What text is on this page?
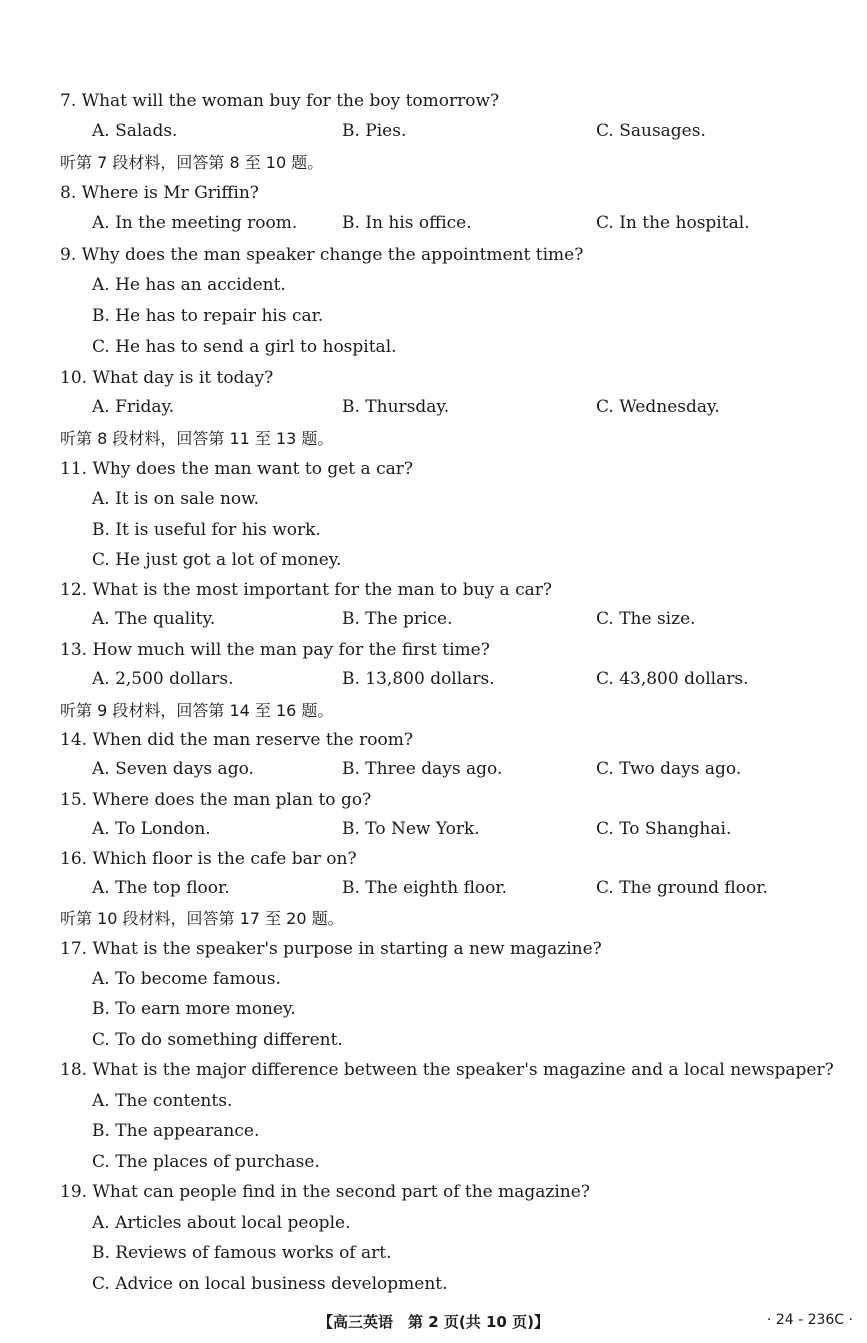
7. What will the woman buy for the boy tomorrow?
A. Salads.	B. Pies.	C. Sausages.
听第 7 段材料，回答第 8 至 10 题。
8. Where is Mr Griffin?
A. In the meeting room.	B. In his office.	C. In the hospital.
9. Why does the man speaker change the appointment time?
A. He has an accident.
B. He has to repair his car.
C. He has to send a girl to hospital.
10. What day is it today?
A. Friday.	B. Thursday.	C. Wednesday.
听第 8 段材料，回答第 11 至 13 题。
11. Why does the man want to get a car?
A. It is on sale now.
B. It is useful for his work.
C. He just got a lot of money.
12. What is the most important for the man to buy a car?
A. The quality.	B. The price.	C. The size.
13. How much will the man pay for the first time?
A. 2,500 dollars.	B. 13,800 dollars.	C. 43,800 dollars.
听第 9 段材料，回答第 14 至 16 题。
14. When did the man reserve the room?
A. Seven days ago.	B. Three days ago.	C. Two days ago.
15. Where does the man plan to go?
A. To London.	B. To New York.	C. To Shanghai.
16. Which floor is the cafe bar on?
A. The top floor.	B. The eighth floor.	C. The ground floor.
听第 10 段材料，回答第 17 至 20 题。
17. What is the speaker's purpose in starting a new magazine?
A. To become famous.
B. To earn more money.
C. To do something different.
18. What is the major difference between the speaker's magazine and a local newspaper?
A. The contents.
B. The appearance.
C. The places of purchase.
19. What can people find in the second part of the magazine?
A. Articles about local people.
B. Reviews of famous works of art.
C. Advice on local business development.
【高三英语　第 2 页(共 10 页)】	· 24 - 236C ·
